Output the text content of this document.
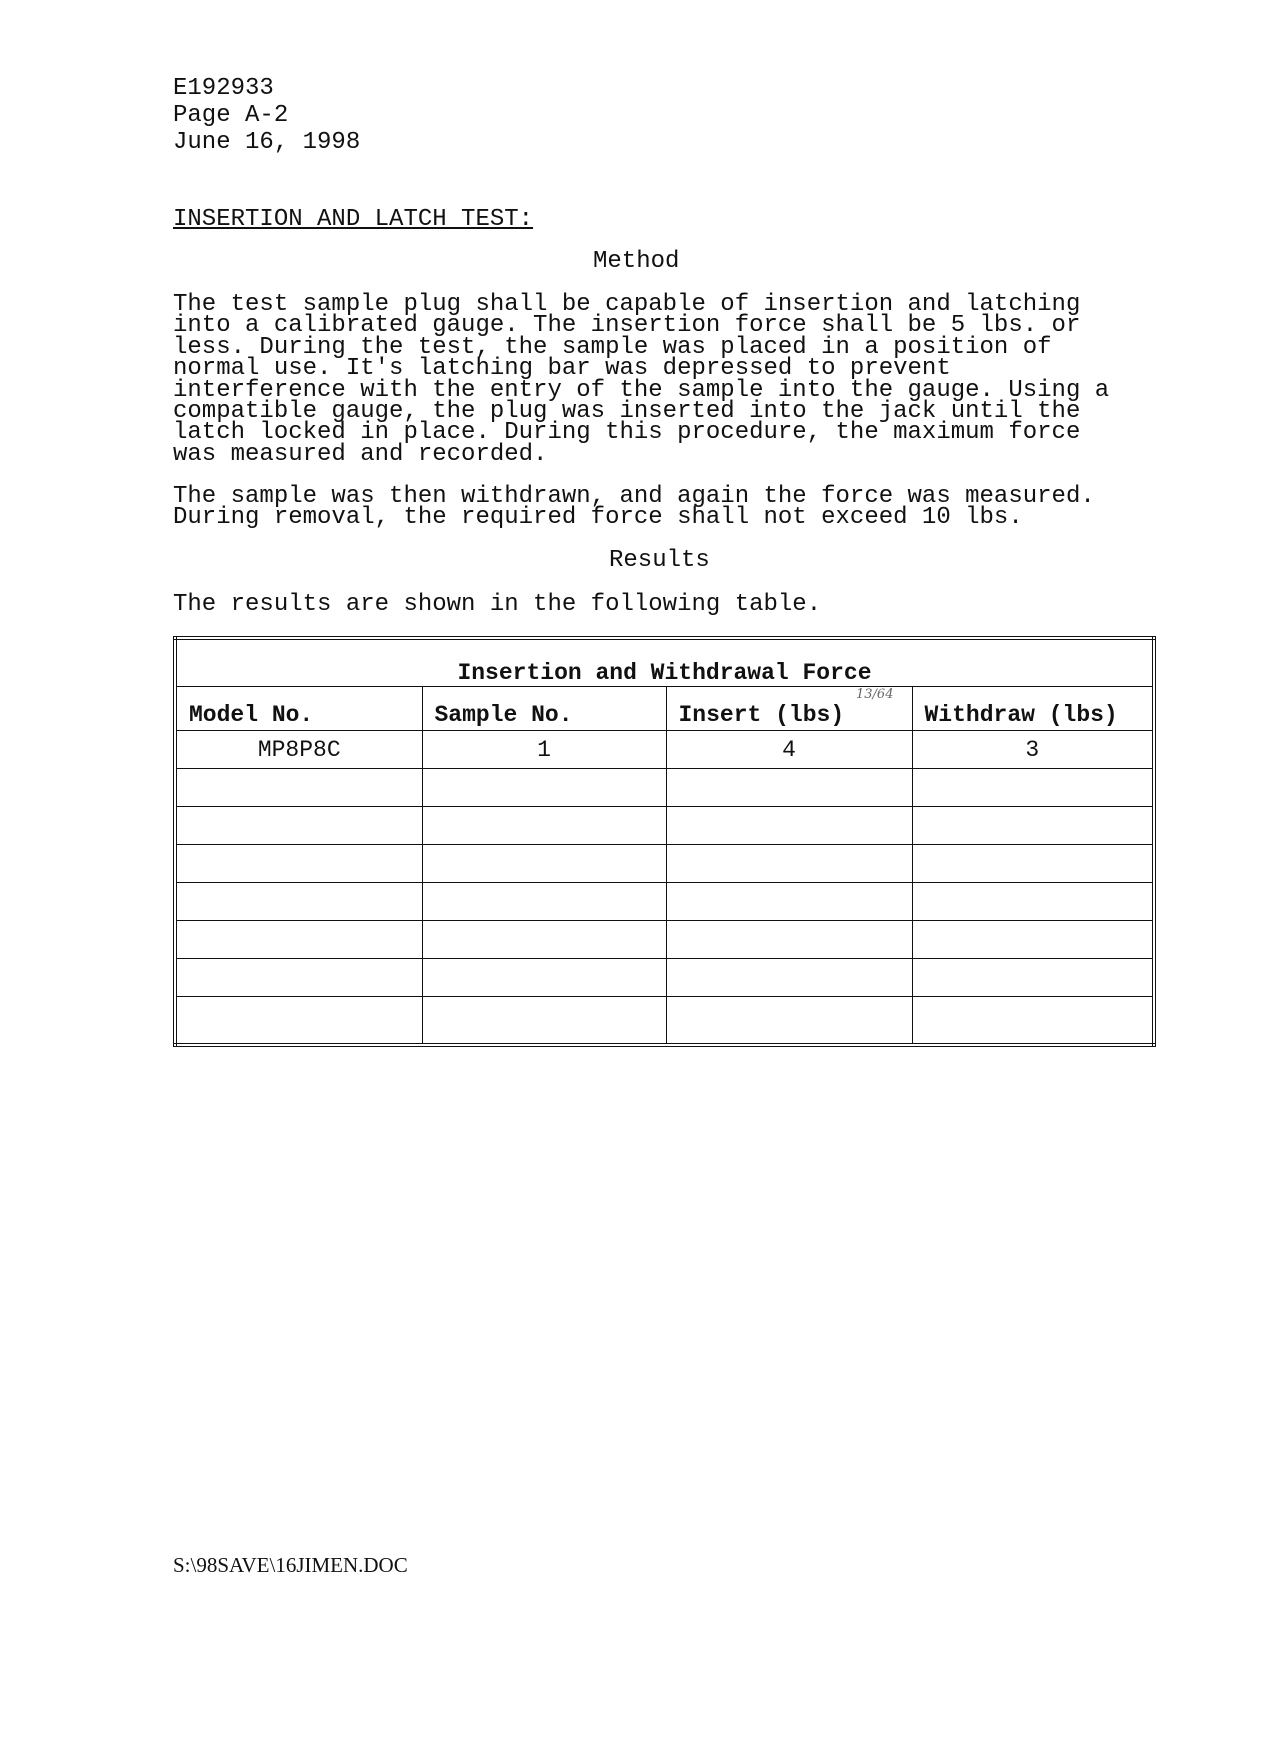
E192933
Page A-2
June 16, 1998
INSERTION AND LATCH TEST:
Method
The test sample plug shall be capable of insertion and latching
into a calibrated gauge. The insertion force shall be 5 lbs. or
less. During the test, the sample was placed in a position of
normal use. It's latching bar was depressed to prevent
interference with the entry of the sample into the gauge. Using a
compatible gauge, the plug was inserted into the jack until the
latch locked in place. During this procedure, the maximum force
was measured and recorded.
The sample was then withdrawn, and again the force was measured.
During removal, the required force shall not exceed 10 lbs.
Results
The results are shown in the following table.
Insertion and Withdrawal Force			
Model No.	Sample No.	Insert (lbs)	Withdraw (lbs)
MP8P8C	1	4	3

13/64
S:\98SAVE\16JIMEN.DOC
